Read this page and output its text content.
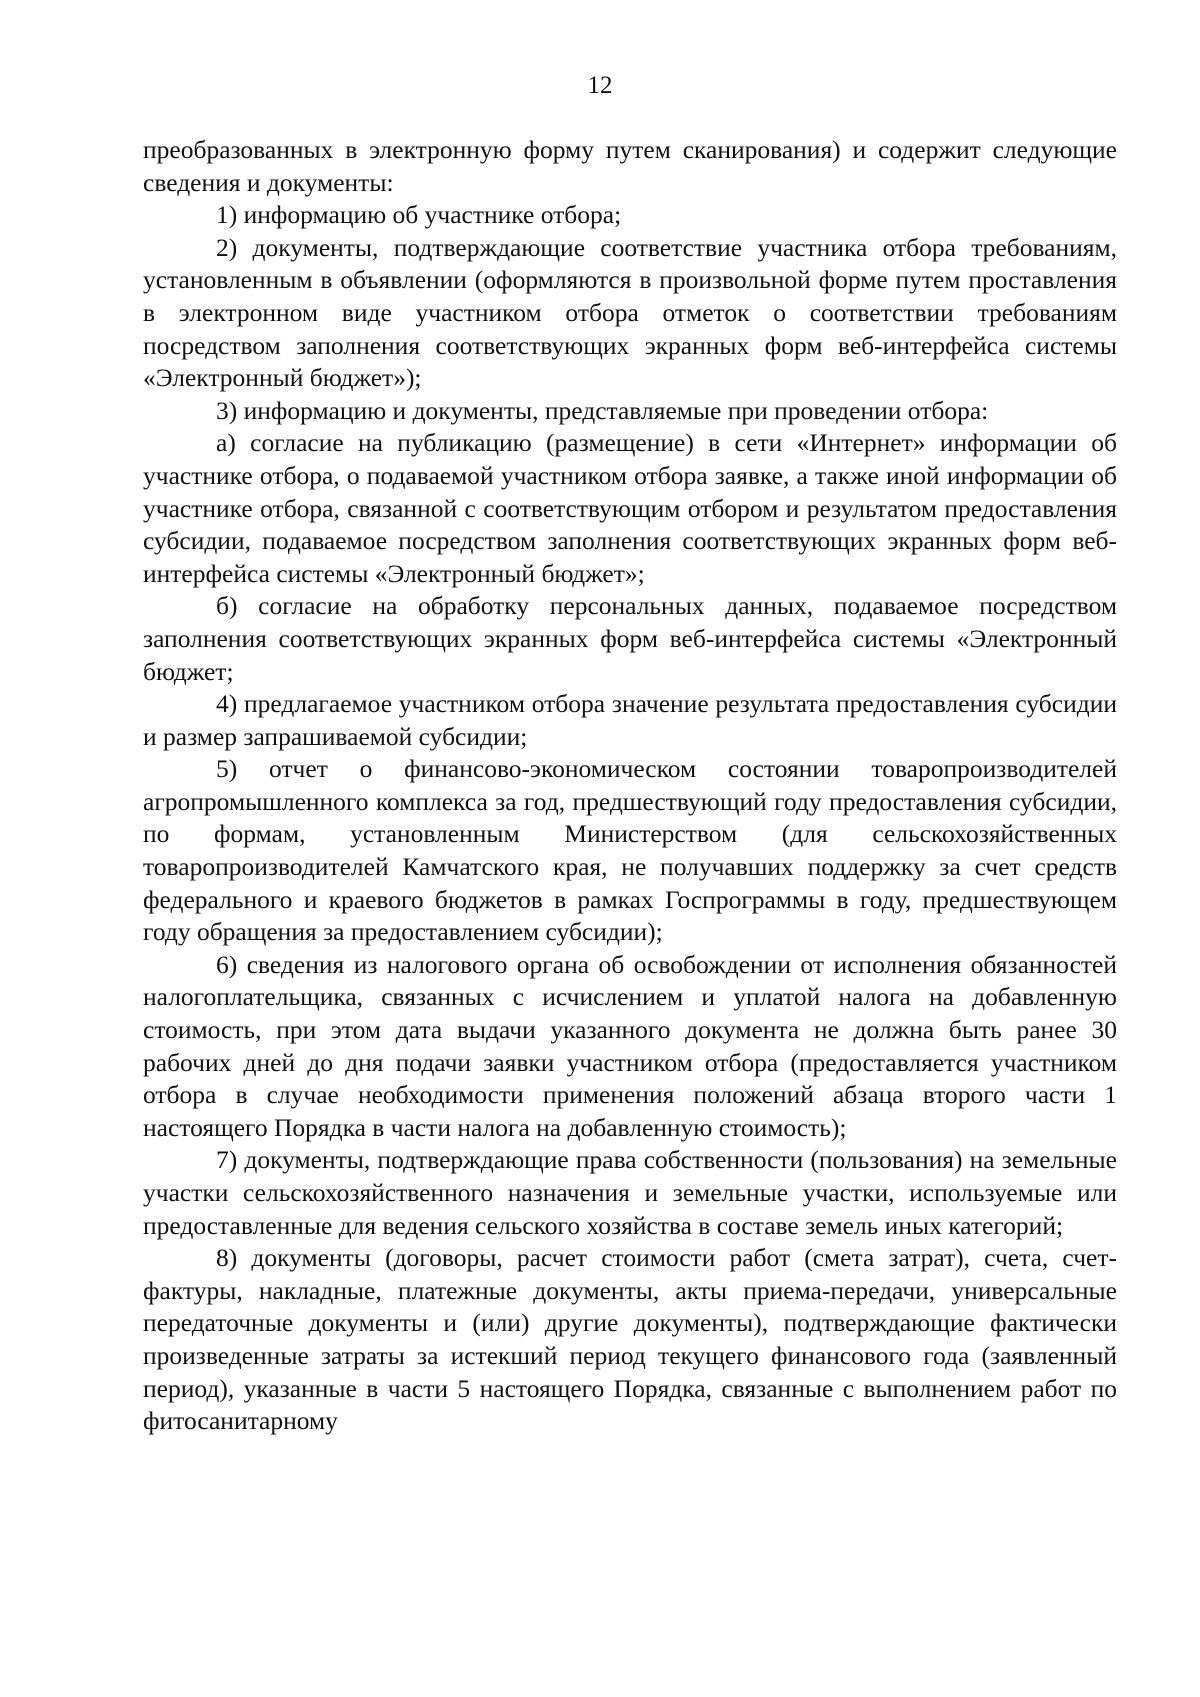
12

преобразованных в электронную форму путем сканирования) и содержит следующие сведения и документы:

1) информацию об участнике отбора;

2) документы, подтверждающие соответствие участника отбора требованиям, установленным в объявлении (оформляются в произвольной форме путем проставления в электронном виде участником отбора отметок о соответствии требованиям посредством заполнения соответствующих экранных форм веб-интерфейса системы «Электронный бюджет»);

3) информацию и документы, представляемые при проведении отбора:

а) согласие на публикацию (размещение) в сети «Интернет» информации об участнике отбора, о подаваемой участником отбора заявке, а также иной информации об участнике отбора, связанной с соответствующим отбором и результатом предоставления субсидии, подаваемое посредством заполнения соответствующих экранных форм веб-интерфейса системы «Электронный бюджет»;

б) согласие на обработку персональных данных, подаваемое посредством заполнения соответствующих экранных форм веб-интерфейса системы «Электронный бюджет;

4) предлагаемое участником отбора значение результата предоставления субсидии и размер запрашиваемой субсидии;

5) отчет о финансово-экономическом состоянии товаропроизводителей агропромышленного комплекса за год, предшествующий году предоставления субсидии, по формам, установленным Министерством (для сельскохозяйственных товаропроизводителей Камчатского края, не получавших поддержку за счет средств федерального и краевого бюджетов в рамках Госпрограммы в году, предшествующем году обращения за предоставлением субсидии);

6) сведения из налогового органа об освобождении от исполнения обязанностей налогоплательщика, связанных с исчислением и уплатой налога на добавленную стоимость, при этом дата выдачи указанного документа не должна быть ранее 30 рабочих дней до дня подачи заявки участником отбора (предоставляется участником отбора в случае необходимости применения положений абзаца второго части 1 настоящего Порядка в части налога на добавленную стоимость);

7) документы, подтверждающие права собственности (пользования) на земельные участки сельскохозяйственного назначения и земельные участки, используемые или предоставленные для ведения сельского хозяйства в составе земель иных категорий;

8) документы (договоры, расчет стоимости работ (смета затрат), счета, счет-фактуры, накладные, платежные документы, акты приема-передачи, универсальные передаточные документы и (или) другие документы), подтверждающие фактически произведенные затраты за истекший период текущего финансового года (заявленный период), указанные в части 5 настоящего Порядка, связанные с выполнением работ по фитосанитарному
